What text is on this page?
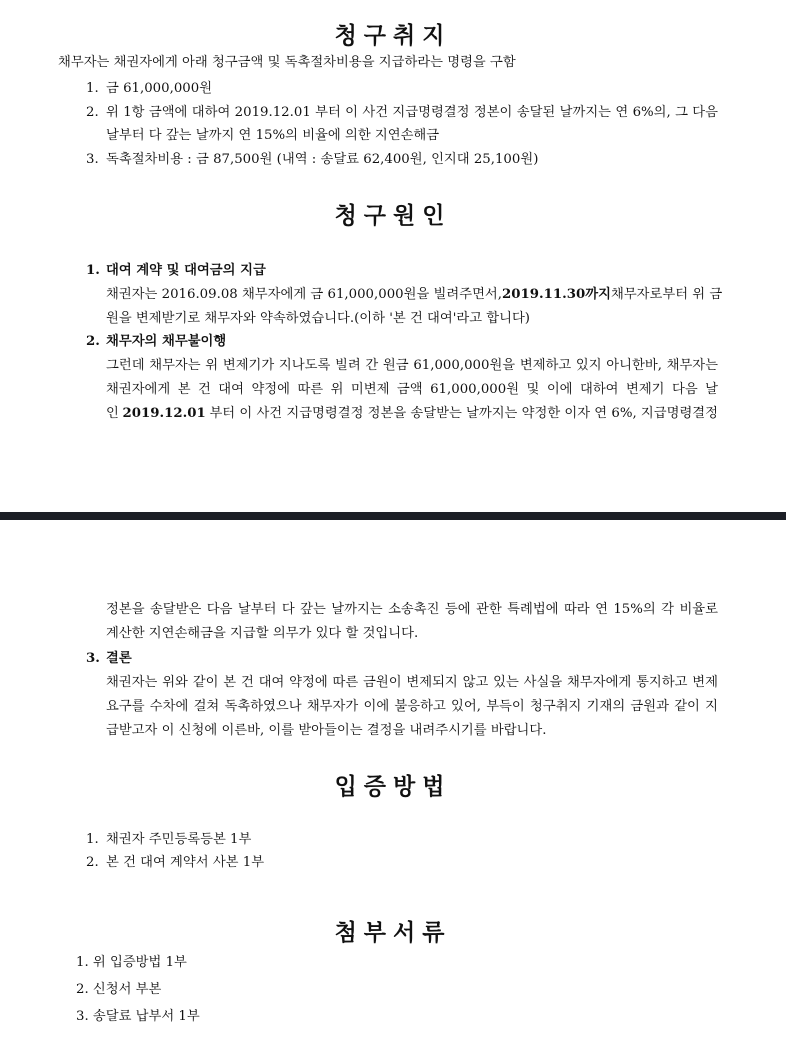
청구취지
채무자는 채권자에게 아래 청구금액 및 독촉절차비용을 지급하라는 명령을 구함
1. 금 61,000,000원
2. 위 1항 금액에 대하여 2019.12.01 부터 이 사건 지급명령결정 정본이 송달된 날까지는 연 6%의, 그 다음
날부터 다 갚는 날까지 연 15%의 비율에 의한 지연손해금
3. 독촉절차비용 : 금 87,500원 (내역 : 송달료 62,400원, 인지대 25,100원)
청구원인
1. 대여 계약 및 대여금의 지급
채권자는 2016.09.08 채무자에게 금 61,000,000원을 빌려주면서, 2019.11.30까지 채무자로부터 위 금
원을 변제받기로 채무자와 약속하였습니다.(이하 '본 건 대여'라고 합니다)
2. 채무자의 채무불이행
그런데 채무자는 위 변제기가 지나도록 빌려 간 원금 61,000,000원을 변제하고 있지 아니한바, 채무자는
채권자에게 본 건 대여 약정에 따른 위 미변제 금액 61,000,000원 및 이에 대하여 변제기 다음 날
인 2019.12.01 부터 이 사건 지급명령결정 정본을 송달받는 날까지는 약정한 이자 연 6%, 지급명령결정
정본을 송달받은 다음 날부터 다 갚는 날까지는 소송촉진 등에 관한 특례법에 따라 연 15%의 각 비율로
계산한 지연손해금을 지급할 의무가 있다 할 것입니다.
3. 결론
채권자는 위와 같이 본 건 대여 약정에 따른 금원이 변제되지 않고 있는 사실을 채무자에게 통지하고 변제
요구를 수차에 걸쳐 독촉하였으나 채무자가 이에 불응하고 있어, 부득이 청구취지 기재의 금원과 같이 지
급받고자 이 신청에 이른바, 이를 받아들이는 결정을 내려주시기를 바랍니다.
입증방법
1. 채권자 주민등록등본 1부
2. 본 건 대여 계약서 사본 1부
첨부서류
1. 위 입증방법 1부
2. 신청서 부본
3. 송달료 납부서 1부
